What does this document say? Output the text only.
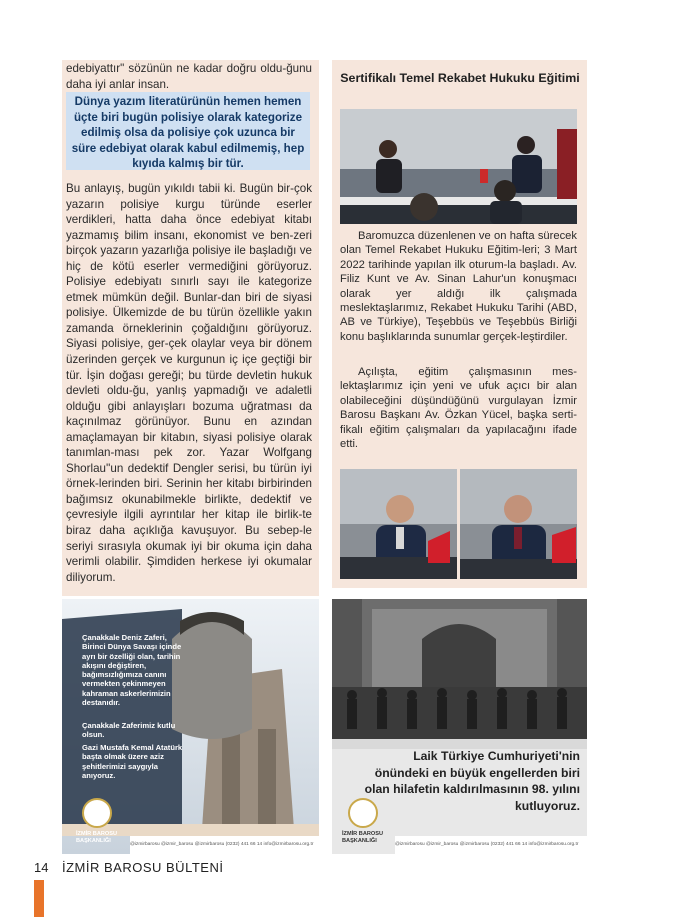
edebiyattır" sözünün ne kadar doğru oldu-ğunu daha iyi anlar insan.

Dünya yazım literatürünün hemen hemen üçte biri bugün polisiye olarak kategorize edilmiş olsa da polisiye çok uzunca bir süre edebiyat olarak kabul edilmemiş, hep kıyıda kalmış bir tür.

Bu anlayış, bugün yıkıldı tabii ki. Bugün bir-çok yazarın polisiye kurgu türünde eserler verdikleri, hatta daha önce edebiyat kitabı yazmamış bilim insanı, ekonomist ve ben-zeri birçok yazarın yazarlığa polisiye ile başladığı ve hiç de kötü eserler vermediğini görüyoruz. Polisiye edebiyatı sınırlı sayı ile kategorize etmek mümkün değil. Bunlar-dan biri de siyasi polisiye. Ülkemizde de bu türün özellikle yakın zamanda örneklerinin çoğaldığını görüyoruz. Siyasi polisiye, ger-çek olaylar veya bir dönem üzerinden gerçek ve kurgunun iç içe geçtiği bir tür. İşin doğası gereği; bu türde devletin hukuk devleti oldu-ğu, yanlış yapmadığı ve adaletli olduğu gibi anlayışları bozuma uğratması da kaçınılmaz görünüyor. Bunu en azından amaçlamayan bir kitabın, siyasi polisiye olarak tanımlan-ması pek zor. Yazar Wolfgang Shorlau''un dedektif Dengler serisi, bu türün iyi örnek-lerinden biri. Serinin her kitabı birbirinden bağımsız okunabilmekle birlikte, dedektif ve çevresiyle ilgili ayrıntılar her kitap ile birlik-te biraz daha açıklığa kavuşuyor. Bu sebep-le seriyi sırasıyla okumak iyi bir okuma için daha verimli olabilir. Şimdiden herkese iyi okumalar diliyorum.

Sertifikalı Temel Rekabet Hukuku Eğitimi

Baromuzca düzenlenen ve on hafta sürecek olan Temel Rekabet Hukuku Eğitim-leri; 3 Mart 2022 tarihinde yapılan ilk oturum-la başladı. Av. Filiz Kunt ve Av. Sinan Lahur'un konuşmacı olarak yer aldığı ilk çalışmada meslektaşlarımız, Rekabet Hukuku Tarihi (ABD, AB ve Türkiye), Teşebbüs ve Teşebbüs Birliği konu başlıklarında sunumlar gerçek-leştirdiler.

Açılışta, eğitim çalışmasının mes-lektaşlarımız için yeni ve ufuk açıcı bir alan olabileceğini düşündüğünü vurgulayan İzmir Barosu Başkanı Av. Özkan Yücel, başka serti-fikalı eğitim çalışmaları da yapılacağını ifade etti.

Çanakkale Deniz Zaferi, Birinci Dünya Savaşı içinde ayrı bir özelliği olan, tarihin akışını değiştiren, bağımsızlığımıza canını vermekten çekinmeyen kahraman askerlerimizin destanıdır.
Çanakkale Zaferimiz kutlu olsun.
Gazi Mustafa Kemal Atatürk başta olmak üzere aziz şehitlerimizi saygıyla anıyoruz.
İZMİR BAROSU BAŞKANLIĞI
@izmirbarosu @izmir_barosu @izmirbarosu (0232) 441 66 14 info@izmirbarosu.org.tr
Laik Türkiye Cumhuriyeti'nin önündeki en büyük engellerden biri olan hilafetin kaldırılmasının 98. yılını kutluyoruz.
İZMİR BAROSU BAŞKANLIĞI
@izmirbarosu @izmir_barosu @izmirbarosu (0232) 441 66 14 info@izmirbarosu.org.tr
14 İZMİR BAROSU BÜLTENİ
